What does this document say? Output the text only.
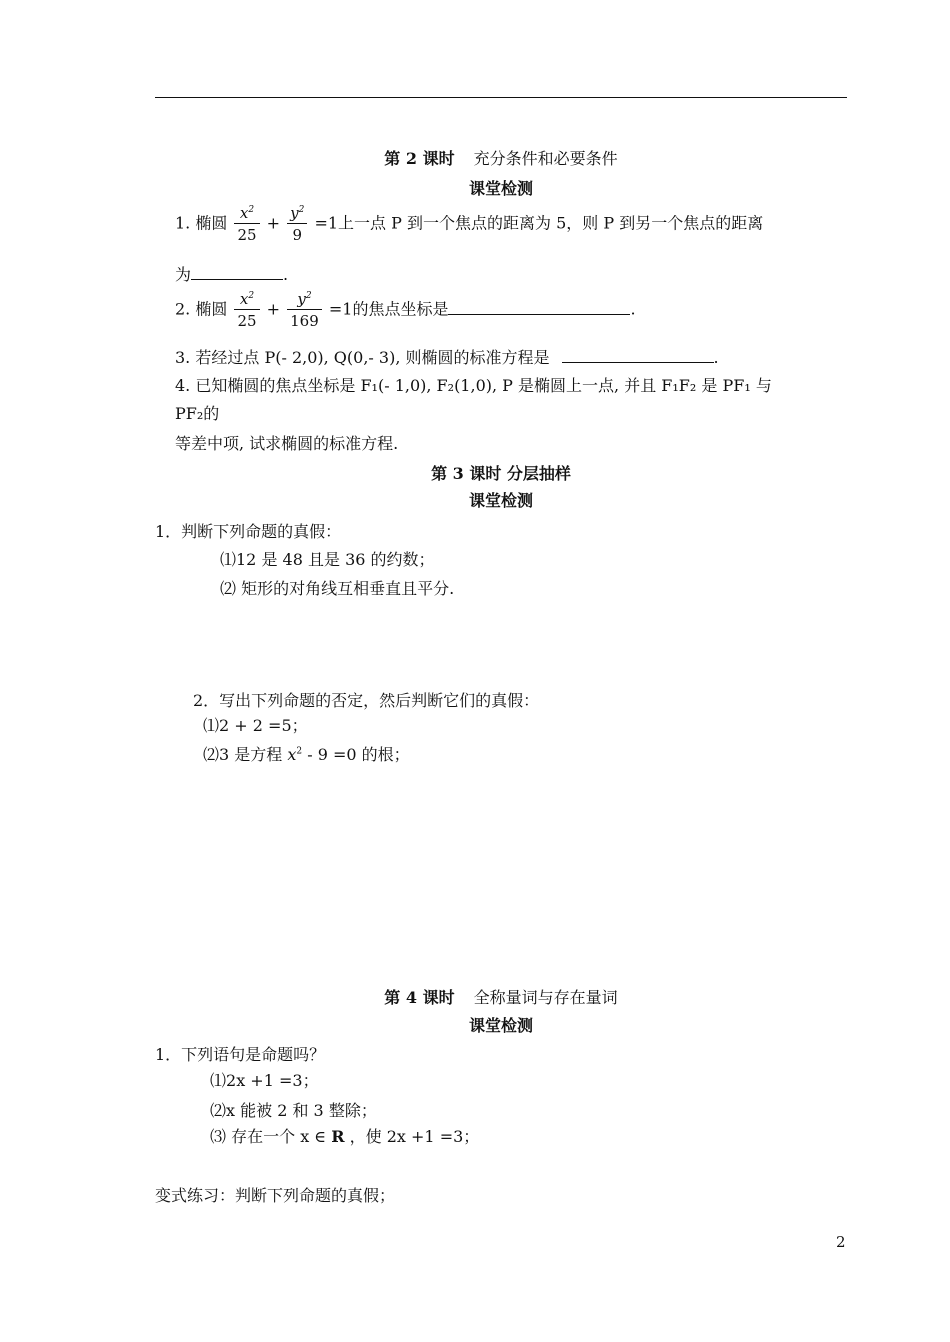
第 2 课时 充分条件和必要条件
课堂检测
1. 椭圆 $\frac{x^2}{25} + \frac{y^2}{9} =1$上一点 P 到一个焦点的距离为 5，则 P 到另一个焦点的距离
为	.
2. 椭圆 $\frac{x^2}{25} + \frac{y^2}{169} =1$的焦点坐标是	.
3. 若经过点 P(- 2,0), Q(0,- 3), 则椭圆的标准方程是	.
4. 已知椭圆的焦点坐标是 F₁(- 1,0), F₂(1,0), P 是椭圆上一点, 并且 F₁F₂ 是 PF₁ 与
PF₂的
等差中项, 试求椭圆的标准方程.
第 3 课时 分层抽样
课堂检测
1．判断下列命题的真假：
⑴12 是 48 且是 36 的约数；
⑵ 矩形的对角线互相垂直且平分.
2．写出下列命题的否定，然后判断它们的真假：
⑴2 + 2 =5；
⑵3 是方程 $x^2 - 9 =0$ 的根；
第 4 课时 全称量词与存在量词
课堂检测
1．下列语句是命题吗？
⑴2x +1 =3；
⑵x 能被 2 和 3 整除；
⑶ 存在一个 x ∈ R ，使 2x +1 =3；
变式练习：判断下列命题的真假；
2
